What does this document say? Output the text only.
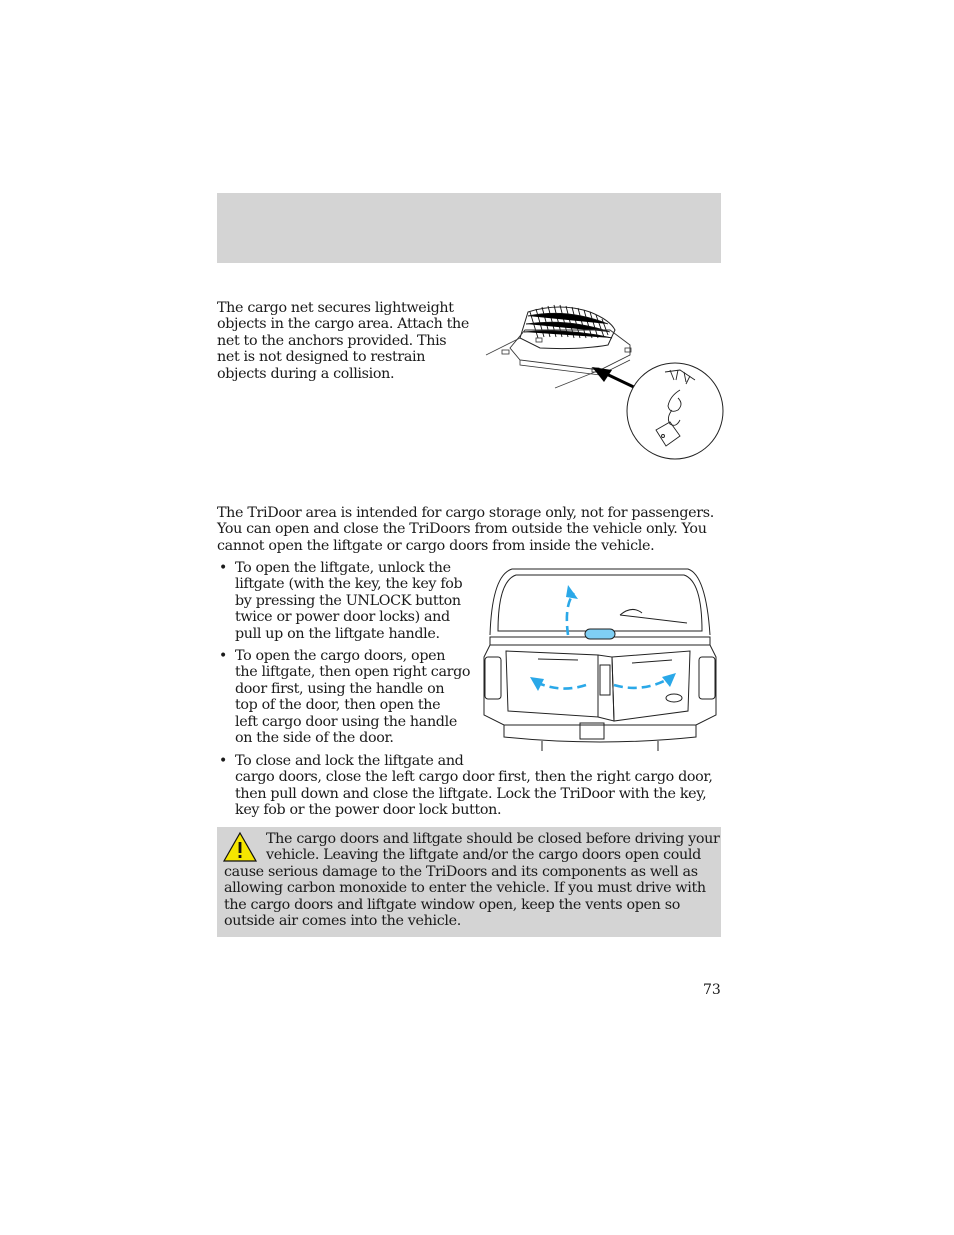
The cargo net secures lightweight
objects in the cargo area. Attach the
net to the anchors provided. This
net is not designed to restrain
objects during a collision.
The TriDoor area is intended for cargo storage only, not for passengers.
You can open and close the TriDoors from outside the vehicle only. You
cannot open the liftgate or cargo doors from inside the vehicle.
• To open the liftgate, unlock the
liftgate (with the key, the key fob
by pressing the UNLOCK button
twice or power door locks) and
pull up on the liftgate handle.
• To open the cargo doors, open
the liftgate, then open right cargo
door first, using the handle on
top of the door, then open the
left cargo door using the handle
on the side of the door.
• To close and lock the liftgate and
cargo doors, close the left cargo door first, then the right cargo door,
then pull down and close the liftgate. Lock the TriDoor with the key,
key fob or the power door lock button.
The cargo doors and liftgate should be closed before driving your
vehicle. Leaving the liftgate and/or the cargo doors open could
cause serious damage to the TriDoors and its components as well as
allowing carbon monoxide to enter the vehicle. If you must drive with
the cargo doors and liftgate window open, keep the vents open so
outside air comes into the vehicle.
73
